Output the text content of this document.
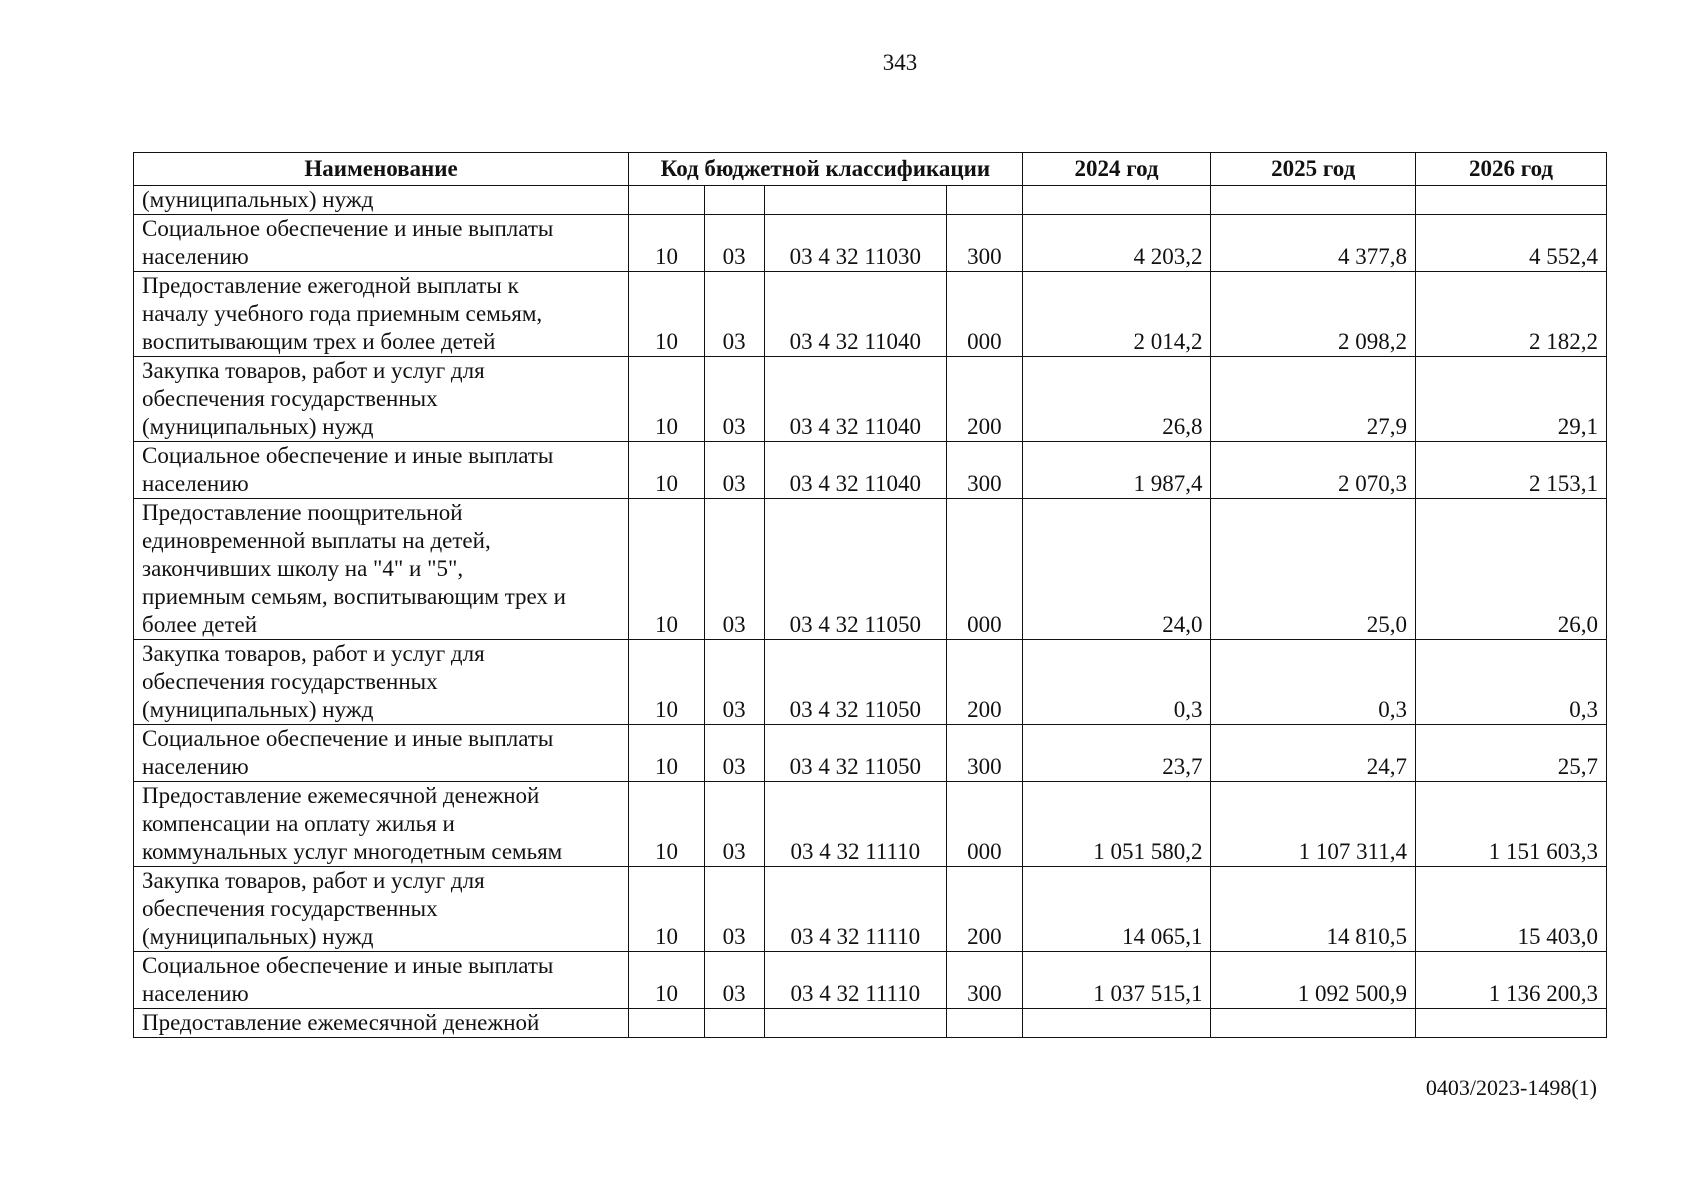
343
Наименование	Код бюджетной классификации				2024 год	2025 год	2026 год
(муниципальных) нужд							
Социальное обеспечение и иные выплаты
населению	10	03	03 4 32 11030	300	4 203,2	4 377,8	4 552,4
Предоставление ежегодной выплаты к
началу учебного года приемным семьям,
воспитывающим трех и более детей	10	03	03 4 32 11040	000	2 014,2	2 098,2	2 182,2
Закупка товаров, работ и услуг для
обеспечения государственных
(муниципальных) нужд	10	03	03 4 32 11040	200	26,8	27,9	29,1
Социальное обеспечение и иные выплаты
населению	10	03	03 4 32 11040	300	1 987,4	2 070,3	2 153,1
Предоставление поощрительной
единовременной выплаты на детей,
закончивших школу на "4" и "5",
приемным семьям, воспитывающим трех и
более детей	10	03	03 4 32 11050	000	24,0	25,0	26,0
Закупка товаров, работ и услуг для
обеспечения государственных
(муниципальных) нужд	10	03	03 4 32 11050	200	0,3	0,3	0,3
Социальное обеспечение и иные выплаты
населению	10	03	03 4 32 11050	300	23,7	24,7	25,7
Предоставление ежемесячной денежной
компенсации на оплату жилья и
коммунальных услуг многодетным семьям	10	03	03 4 32 11110	000	1 051 580,2	1 107 311,4	1 151 603,3
Закупка товаров, работ и услуг для
обеспечения государственных
(муниципальных) нужд	10	03	03 4 32 11110	200	14 065,1	14 810,5	15 403,0
Социальное обеспечение и иные выплаты
населению	10	03	03 4 32 11110	300	1 037 515,1	1 092 500,9	1 136 200,3
Предоставление ежемесячной денежной							
0403/2023-1498(1)
